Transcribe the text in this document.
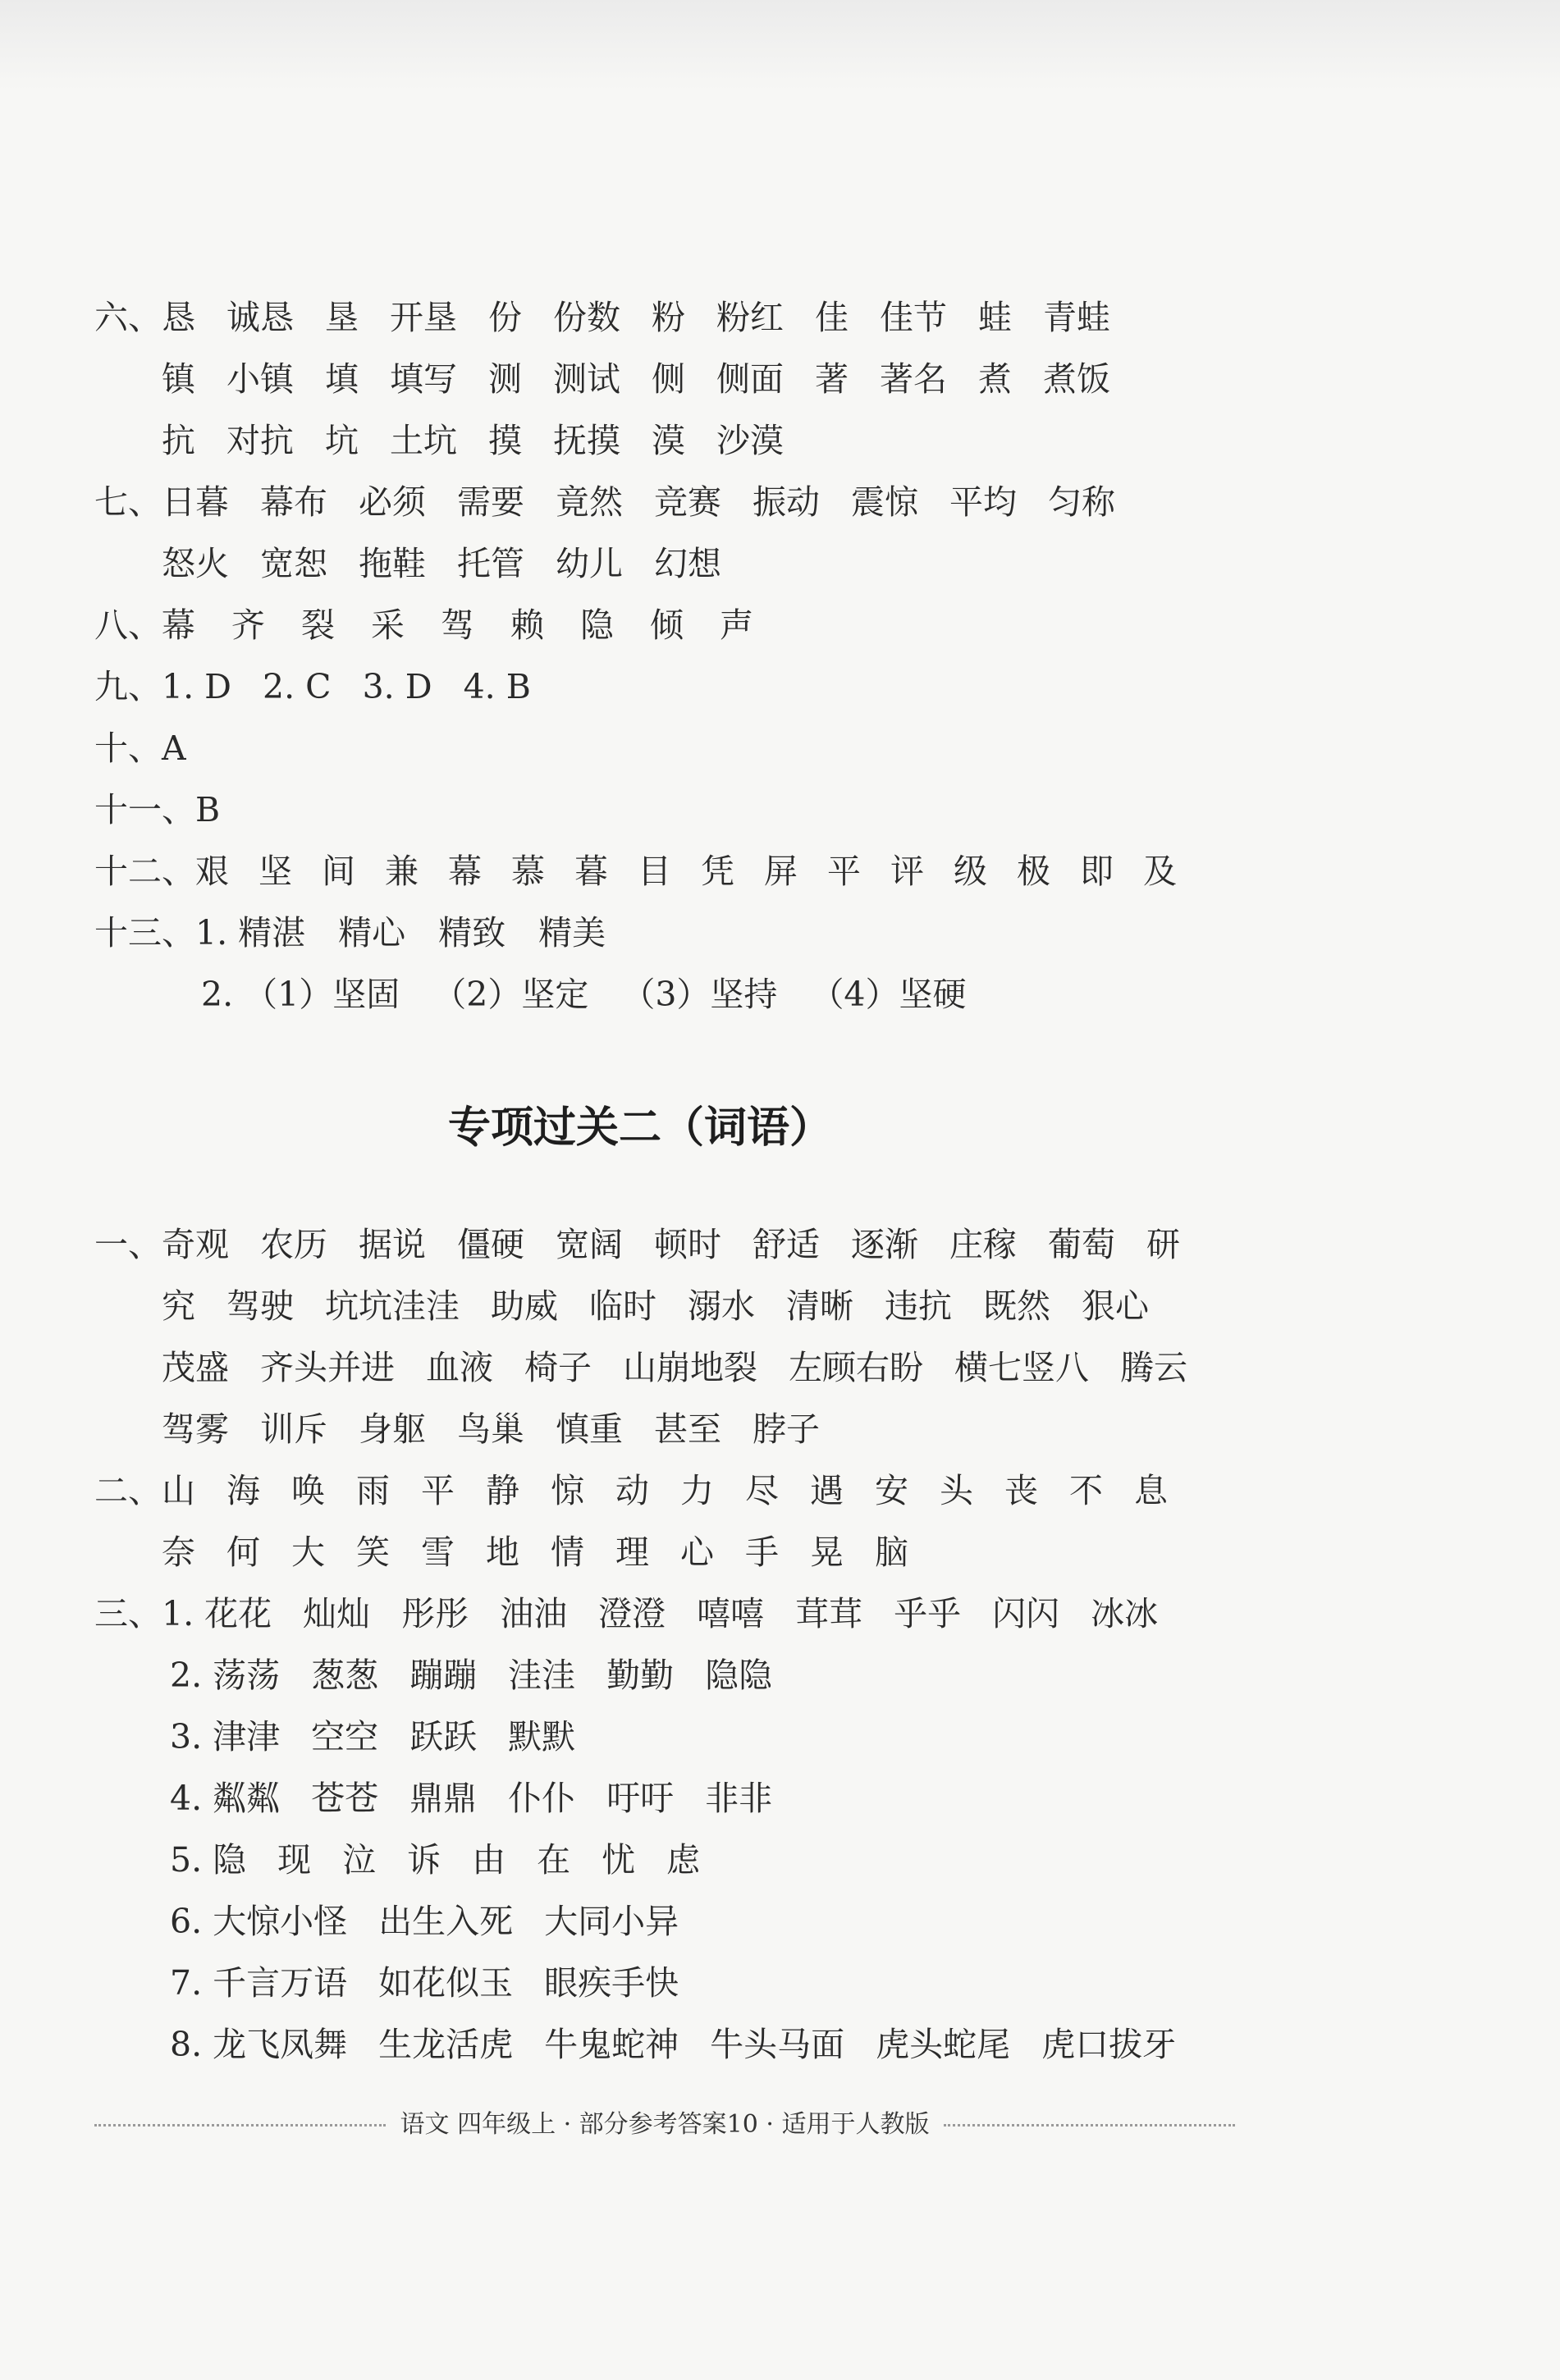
六、恳 诚恳 垦 开垦 份 份数 粉 粉红 佳 佳节 蛙 青蛙
镇 小镇 填 填写 测 测试 侧 侧面 著 著名 煮 煮饭
抗 对抗 坑 土坑 摸 抚摸 漠 沙漠
七、日暮 幕布 必须 需要 竟然 竞赛 振动 震惊 平均 匀称
怒火 宽恕 拖鞋 托管 幼儿 幻想
八、幕 齐 裂 采 驾 赖 隐 倾 声
九、1. D 2. C 3. D 4. B
十、A
十一、B
十二、艰 坚 间 兼 幕 慕 暮 目 凭 屏 平 评 级 极 即 及
十三、1. 精湛 精心 精致 精美
2. （1）坚固 （2）坚定 （3）坚持 （4）坚硬
一、奇观 农历 据说 僵硬 宽阔 顿时 舒适 逐渐 庄稼 葡萄 研
究 驾驶 坑坑洼洼 助威 临时 溺水 清晰 违抗 既然 狠心
茂盛 齐头并进 血液 椅子 山崩地裂 左顾右盼 横七竖八 腾云
驾雾 训斥 身躯 鸟巢 慎重 甚至 脖子
二、山 海 唤 雨 平 静 惊 动 力 尽 遇 安 头 丧 不 息
奈 何 大 笑 雪 地 情 理 心 手 晃 脑
三、1. 花花 灿灿 彤彤 油油 澄澄 嘻嘻 茸茸 乎乎 闪闪 冰冰
2. 荡荡 葱葱 蹦蹦 洼洼 勤勤 隐隐
3. 津津 空空 跃跃 默默
4. 粼粼 苍苍 鼎鼎 仆仆 吁吁 非非
5. 隐 现 泣 诉 由 在 忧 虑
6. 大惊小怪 出生入死 大同小异
7. 千言万语 如花似玉 眼疾手快
8. 龙飞凤舞 生龙活虎 牛鬼蛇神 牛头马面 虎头蛇尾 虎口拔牙
专项过关二（词语）
语文 四年级上 · 部分参考答案10 · 适用于人教版
